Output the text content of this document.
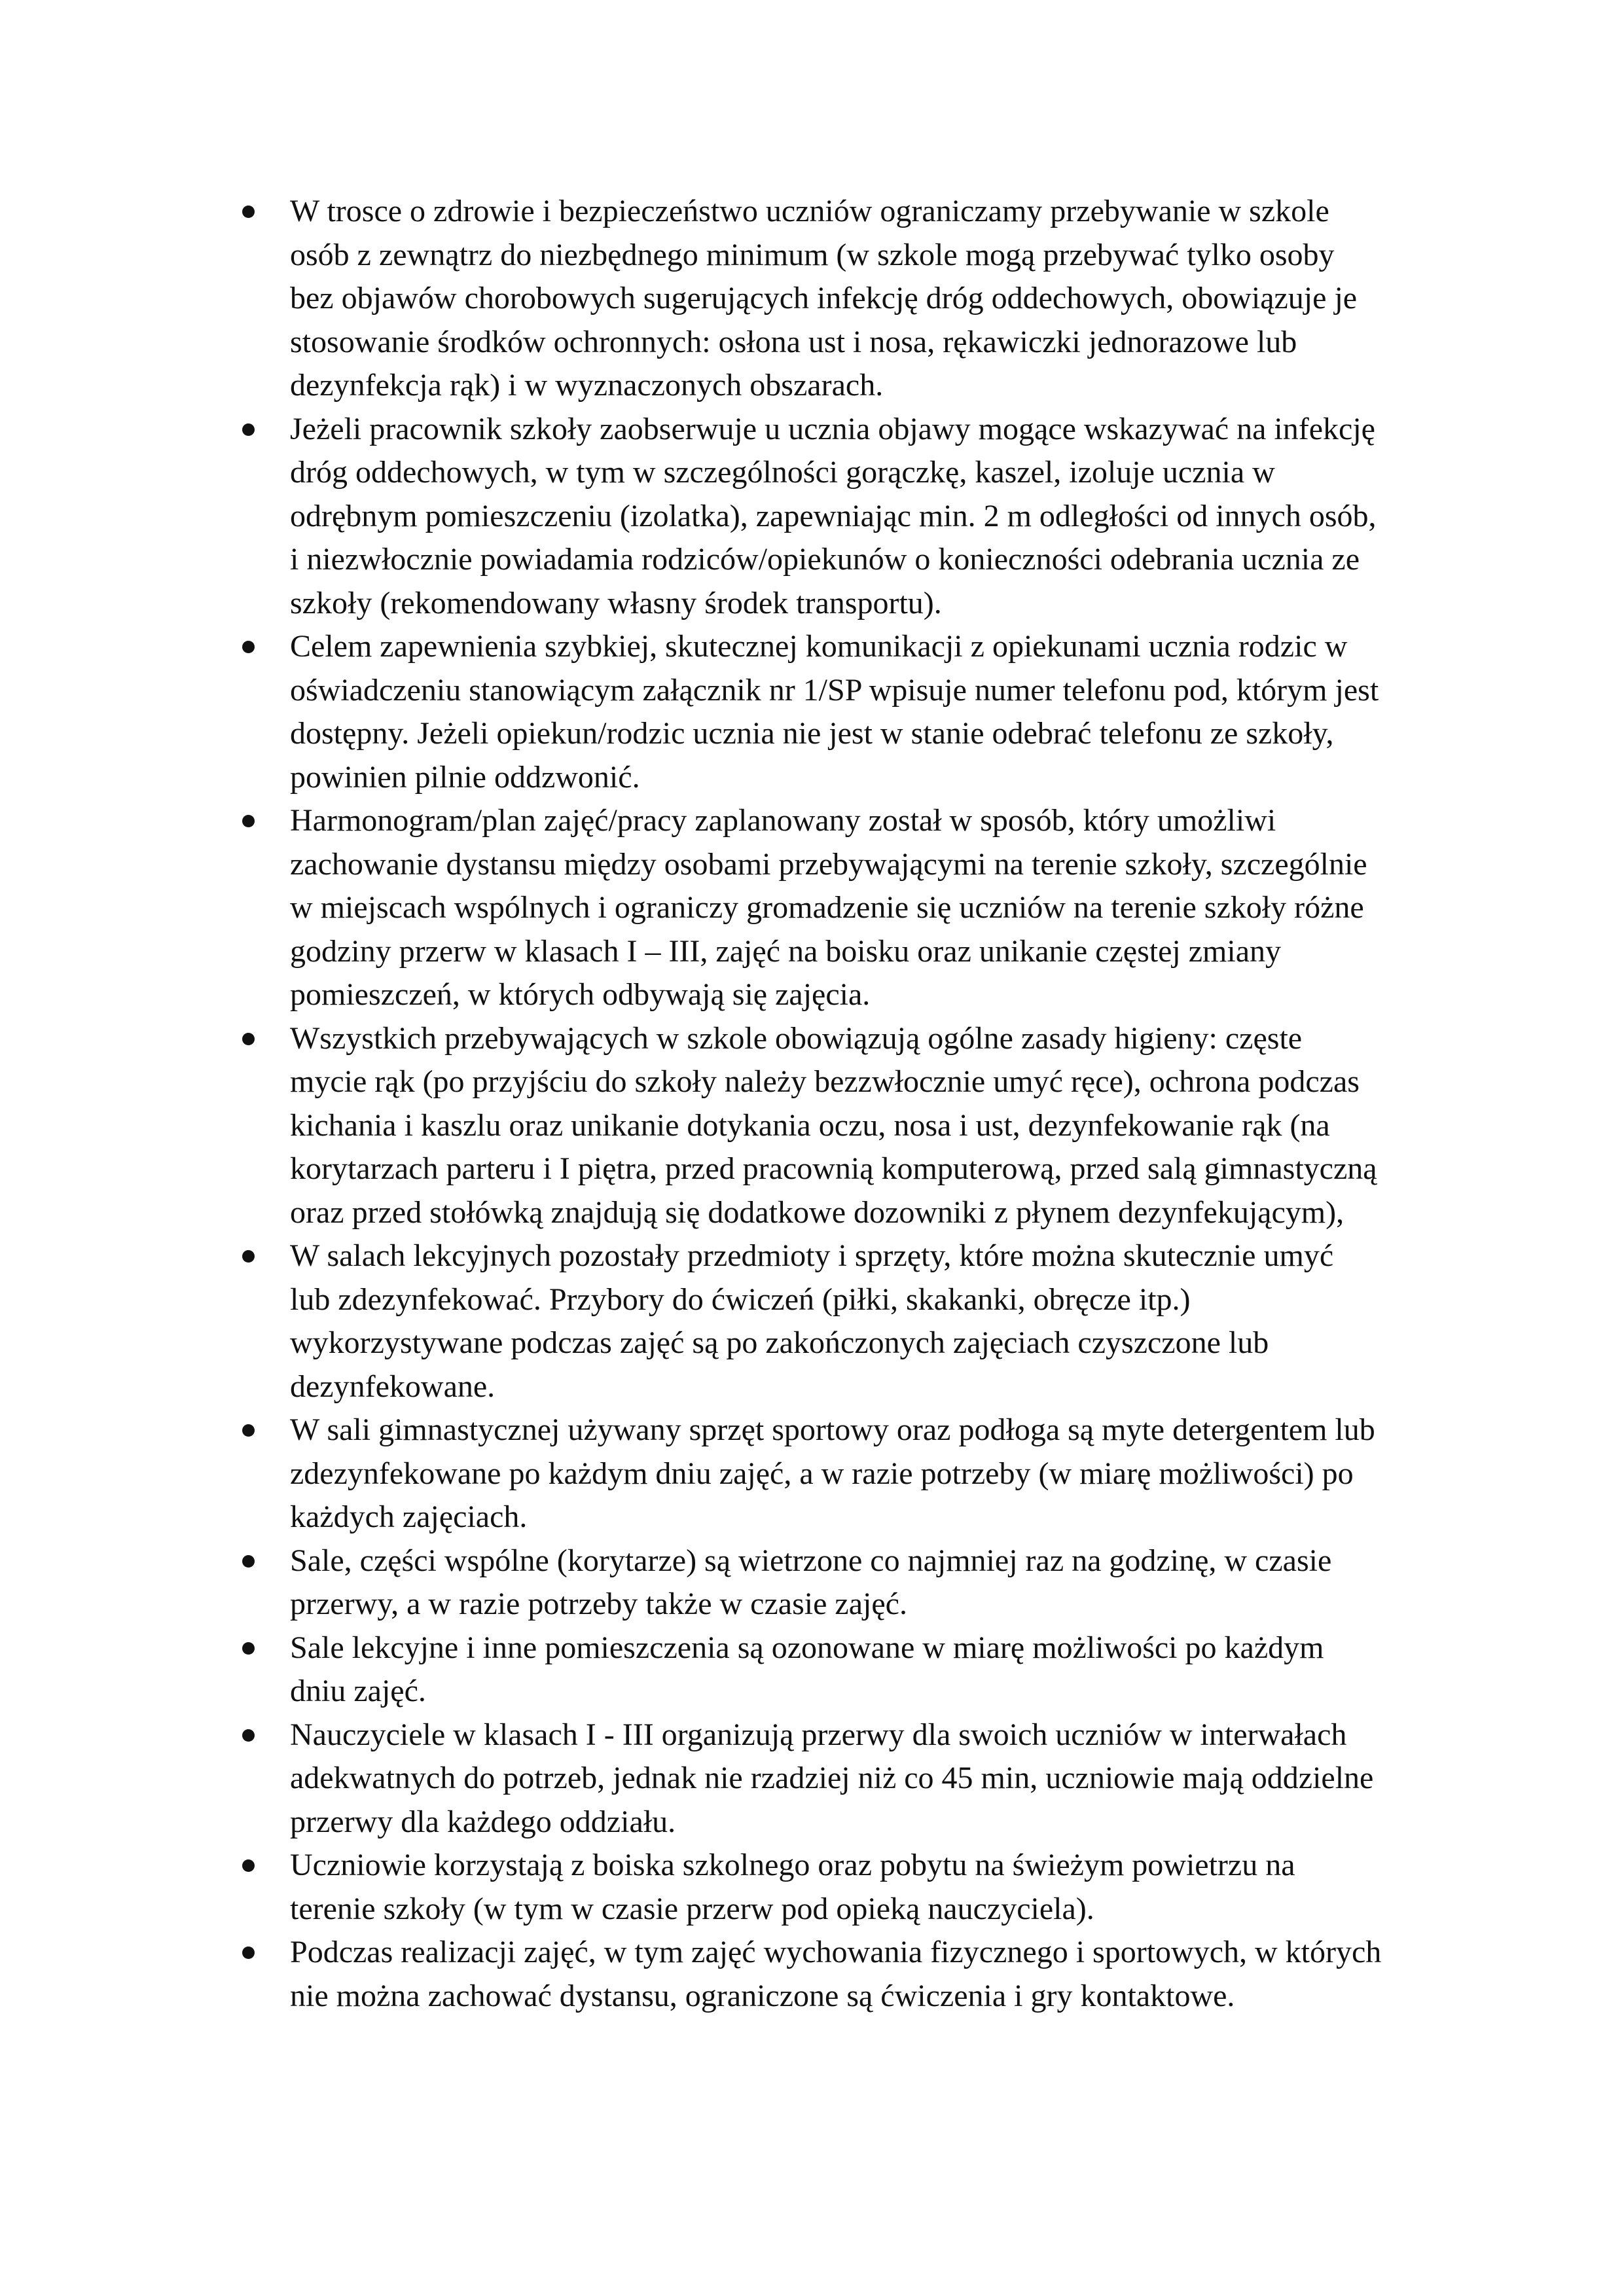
W trosce o zdrowie i bezpieczeństwo uczniów ograniczamy przebywanie w szkole
osób z zewnątrz do niezbędnego minimum (w szkole mogą przebywać tylko osoby
bez objawów chorobowych sugerujących infekcję dróg oddechowych, obowiązuje je
stosowanie środków ochronnych: osłona ust i nosa, rękawiczki jednorazowe lub
dezynfekcja rąk) i w wyznaczonych obszarach.
Jeżeli pracownik szkoły zaobserwuje u ucznia objawy mogące wskazywać na infekcję
dróg oddechowych, w tym w szczególności gorączkę, kaszel, izoluje ucznia w
odrębnym pomieszczeniu (izolatka), zapewniając min. 2 m odległości od innych osób,
i niezwłocznie powiadamia rodziców/opiekunów o konieczności odebrania ucznia ze
szkoły (rekomendowany własny środek transportu).
Celem zapewnienia szybkiej, skutecznej komunikacji z opiekunami ucznia rodzic w
oświadczeniu stanowiącym załącznik nr 1/SP wpisuje numer telefonu pod, którym jest
dostępny. Jeżeli opiekun/rodzic ucznia nie jest w stanie odebrać telefonu ze szkoły,
powinien pilnie oddzwonić.
Harmonogram/plan zajęć/pracy zaplanowany został w sposób, który umożliwi
zachowanie dystansu między osobami przebywającymi na terenie szkoły, szczególnie
w miejscach wspólnych i ograniczy gromadzenie się uczniów na terenie szkoły różne
godziny przerw w klasach I – III, zajęć na boisku oraz unikanie częstej zmiany
pomieszczeń, w których odbywają się zajęcia.
Wszystkich przebywających w szkole obowiązują ogólne zasady higieny: częste
mycie rąk (po przyjściu do szkoły należy bezzwłocznie umyć ręce), ochrona podczas
kichania i kaszlu oraz unikanie dotykania oczu, nosa i ust, dezynfekowanie rąk (na
korytarzach parteru i I piętra, przed pracownią komputerową, przed salą gimnastyczną
oraz przed stołówką znajdują się dodatkowe dozowniki z płynem dezynfekującym),
W salach lekcyjnych pozostały przedmioty i sprzęty, które można skutecznie umyć
lub zdezynfekować. Przybory do ćwiczeń (piłki, skakanki, obręcze itp.)
wykorzystywane podczas zajęć są po zakończonych zajęciach czyszczone lub
dezynfekowane.
W sali gimnastycznej używany sprzęt sportowy oraz podłoga są myte detergentem lub
zdezynfekowane po każdym dniu zajęć, a w razie potrzeby (w miarę możliwości) po
każdych zajęciach.
Sale, części wspólne (korytarze) są wietrzone co najmniej raz na godzinę, w czasie
przerwy, a w razie potrzeby także w czasie zajęć.
Sale lekcyjne i inne pomieszczenia są ozonowane w miarę możliwości po każdym
dniu zajęć.
Nauczyciele w klasach I - III organizują przerwy dla swoich uczniów w interwałach
adekwatnych do potrzeb, jednak nie rzadziej niż co 45 min, uczniowie mają oddzielne
przerwy dla każdego oddziału.
Uczniowie korzystają z boiska szkolnego oraz pobytu na świeżym powietrzu na
terenie szkoły (w tym w czasie przerw pod opieką nauczyciela).
Podczas realizacji zajęć, w tym zajęć wychowania fizycznego i sportowych, w których
nie można zachować dystansu, ograniczone są ćwiczenia i gry kontaktowe.
